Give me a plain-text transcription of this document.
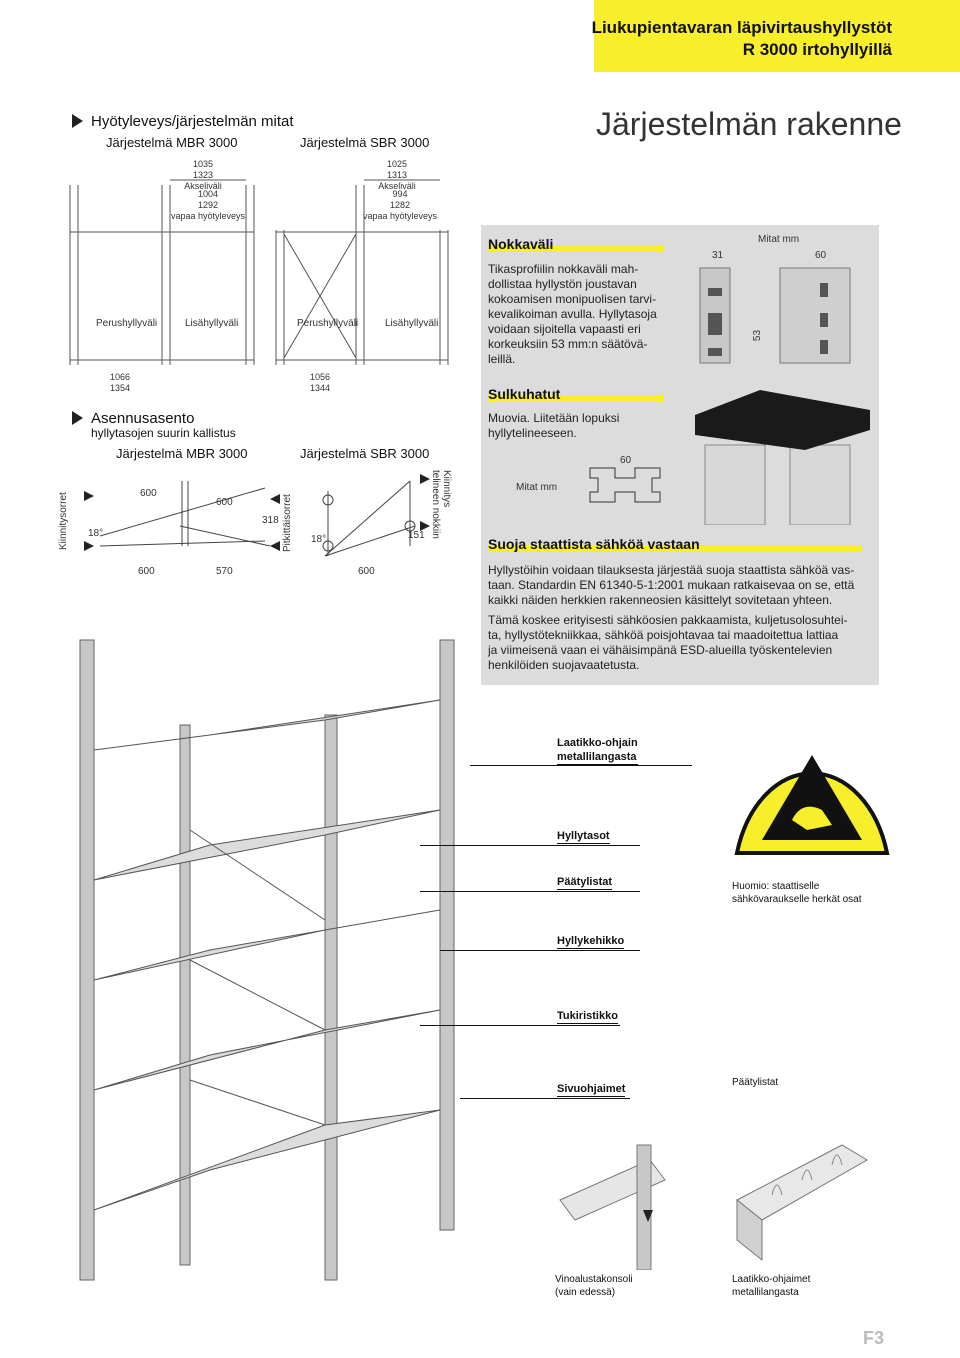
Liukupientavaran läpivirtaushyllystöt
R 3000 irtohyllyillä
Järjestelmän rakenne
Hyötyleveys/järjestelmän mitat
Järjestelmä MBR 3000	Järjestelmä SBR 3000
1035
1323
Akseliväli
1004
1292
vapaa hyötyleveys
1025
1313
Akseliväli
994
1282
vapaa hyötyleveys
Perushyllyväli	Lisähyllyväli	Perushyllyväli	Lisähyllyväli
1066
1354
1056
1344
Asennusasento
hyllytasojen suurin kallistus
Järjestelmä MBR 3000	Järjestelmä SBR 3000
Kiinnitysorret	Pitkittäisorret
Kiinnitys telineen nokkiin
18°
18°
600
600
318
151
600	570	600
Nokkaväli
Tikasprofiilin nokkaväli mah-
dollistaa hyllystön joustavan
kokoamisen monipuolisen tarvi-
kevalikoiman avulla. Hyllytasoja
voidaan sijoitella vapaasti eri
korkeuksiin 53 mm:n säätövä-
leillä.
Mitat mm
31	60
53
Sulkuhatut
Muovia. Liitetään lopuksi
hyllytelineeseen.
Mitat mm
60
Suoja staattista sähköä vastaan
Hyllystöihin voidaan tilauksesta järjestää suoja staattista sähköä vas-
taan. Standardin EN 61340-5-1:2001 mukaan ratkaisevaa on se, että
kaikki näiden herkkien rakenneosien käsittelyt sovitetaan yhteen.
Tämä koskee erityisesti sähköosien pakkaamista, kuljetusolosuhtei-
ta, hyllystötekniikkaa, sähköä poisjohtavaa tai maadoitettua lattiaa
ja viimeisenä vaan ei vähäisimpänä ESD-alueilla työskentelevien
henkilöiden suojavaatetusta.
Laatikko-ohjain
metallilangasta
Hyllytasot
Päätylistat
Hyllykehikko
Tukiristikko
Sivuohjaimet
Huomio: staattiselle
sähkövaraukselle herkät osat
Päätylistat
Vinoalustakonsoli
(vain edessä)
Laatikko-ohjaimet
metallilangasta
F3
